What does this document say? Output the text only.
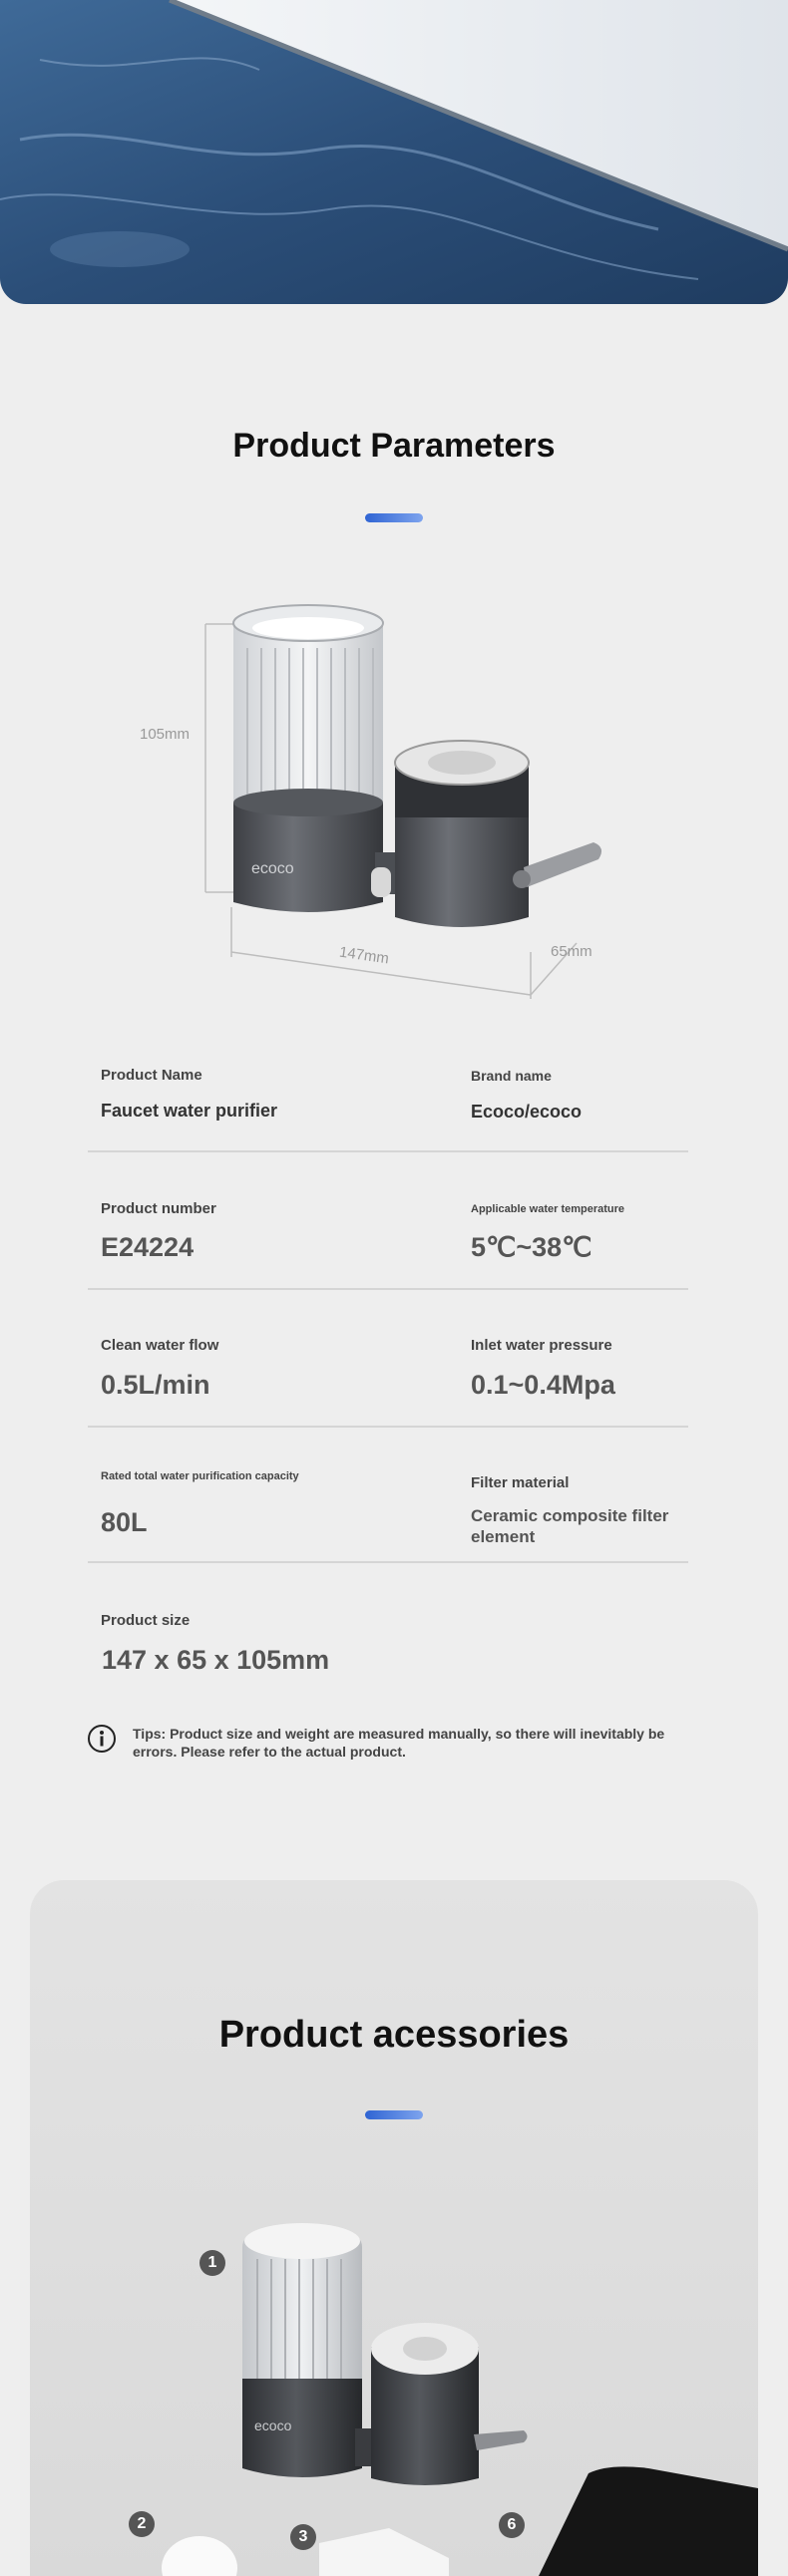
Product Parameters
ecoco
105mm
147mm	65mm
Product Name
Faucet water purifier
Brand name
Ecoco/ecoco
Product number
E24224
Applicable water temperature
5℃~38℃
Clean water flow
0.5L/min
Inlet water pressure
0.1~0.4Mpa
Rated total water purification capacity
80L
Filter material
Ceramic composite filter element
Product size
147 x 65 x 105mm
Tips: Product size and weight are measured manually, so there will inevitably be errors. Please refer to the actual product.
ecoco
Product acessories
1
2
3
6
